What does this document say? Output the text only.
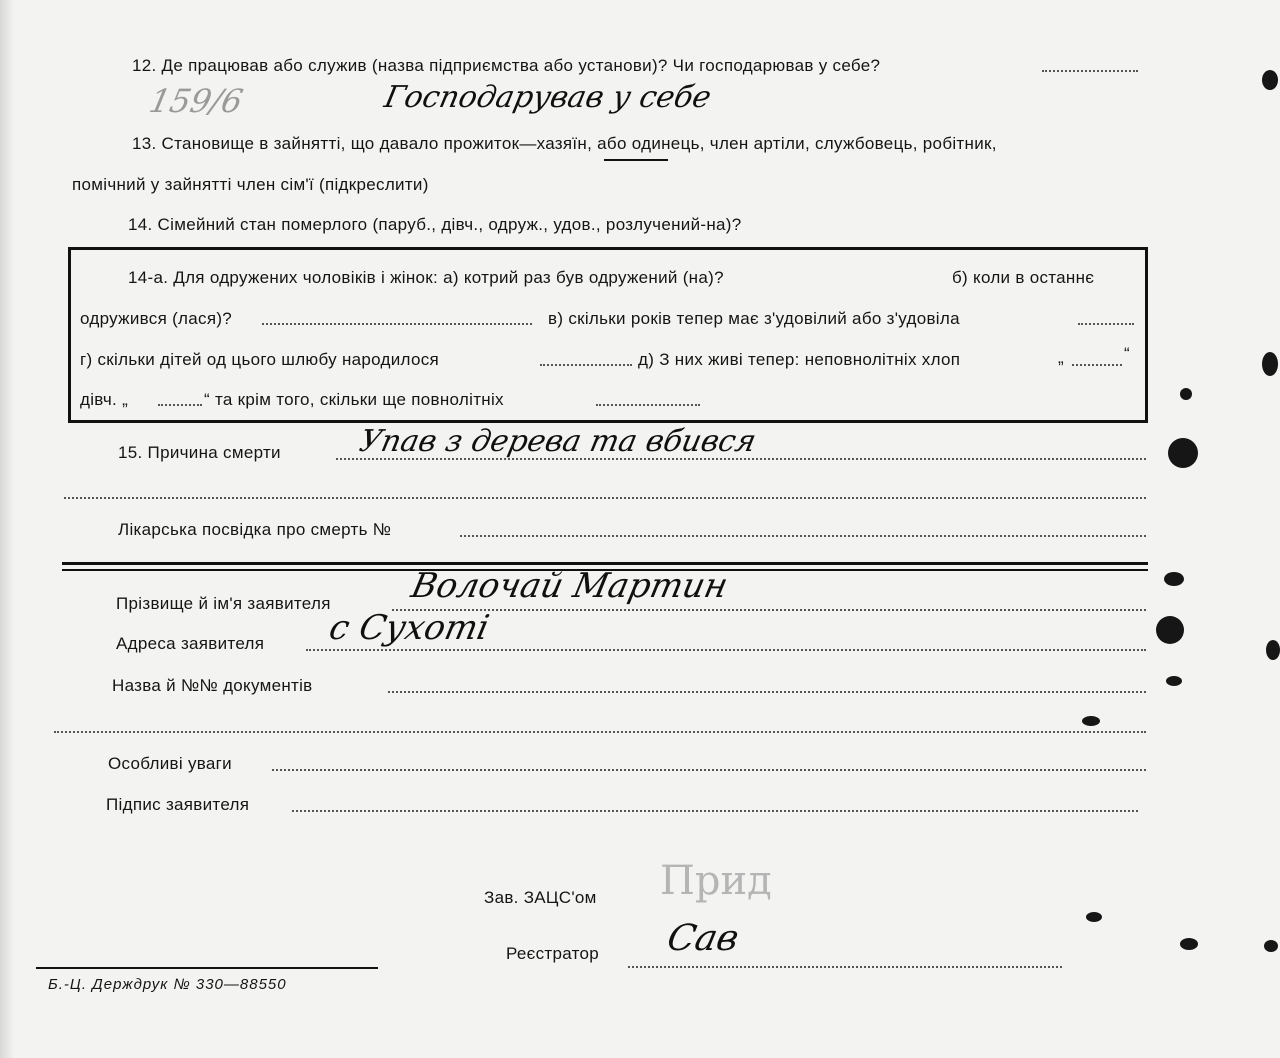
12. Де працював або служив (назва підприємства або установи)? Чи господарював у себе?
159/6	Господарував у себе
13. Становище в зайнятті, що давало прожиток—хазяїн, або одинець, член артіли, службовець, робітник,
помічний у зайнятті член сім'ї (підкреслити)
14. Сімейний стан померлого (паруб., дівч., одруж., удов., розлучений-на)?
14-а. Для одружених чоловіків і жінок: а) котрий раз був одружений (на)?	б) коли в останнє
одружився (лася)?	в) скільки років тепер має з'удовілий або з'удовіла
г) скільки дітей од цього шлюбу народилося	д) З них живі тепер: неповнолітніх хлоп	„	“
дівч. „	“ та крім того, скільки ще повнолітніх
15. Причина смерти	Упав з дерева та вбився
Лікарська посвідка про смерть №
Прізвище й ім'я заявителя Волочай Мартин
Адреса заявителя с Сухоті
Назва й №№ документів
Особливі уваги
Підпис заявителя
Зав. ЗАЦС'ом Прид
Реєстратор Сав
Б.-Ц. Держдрук № 330—88550
